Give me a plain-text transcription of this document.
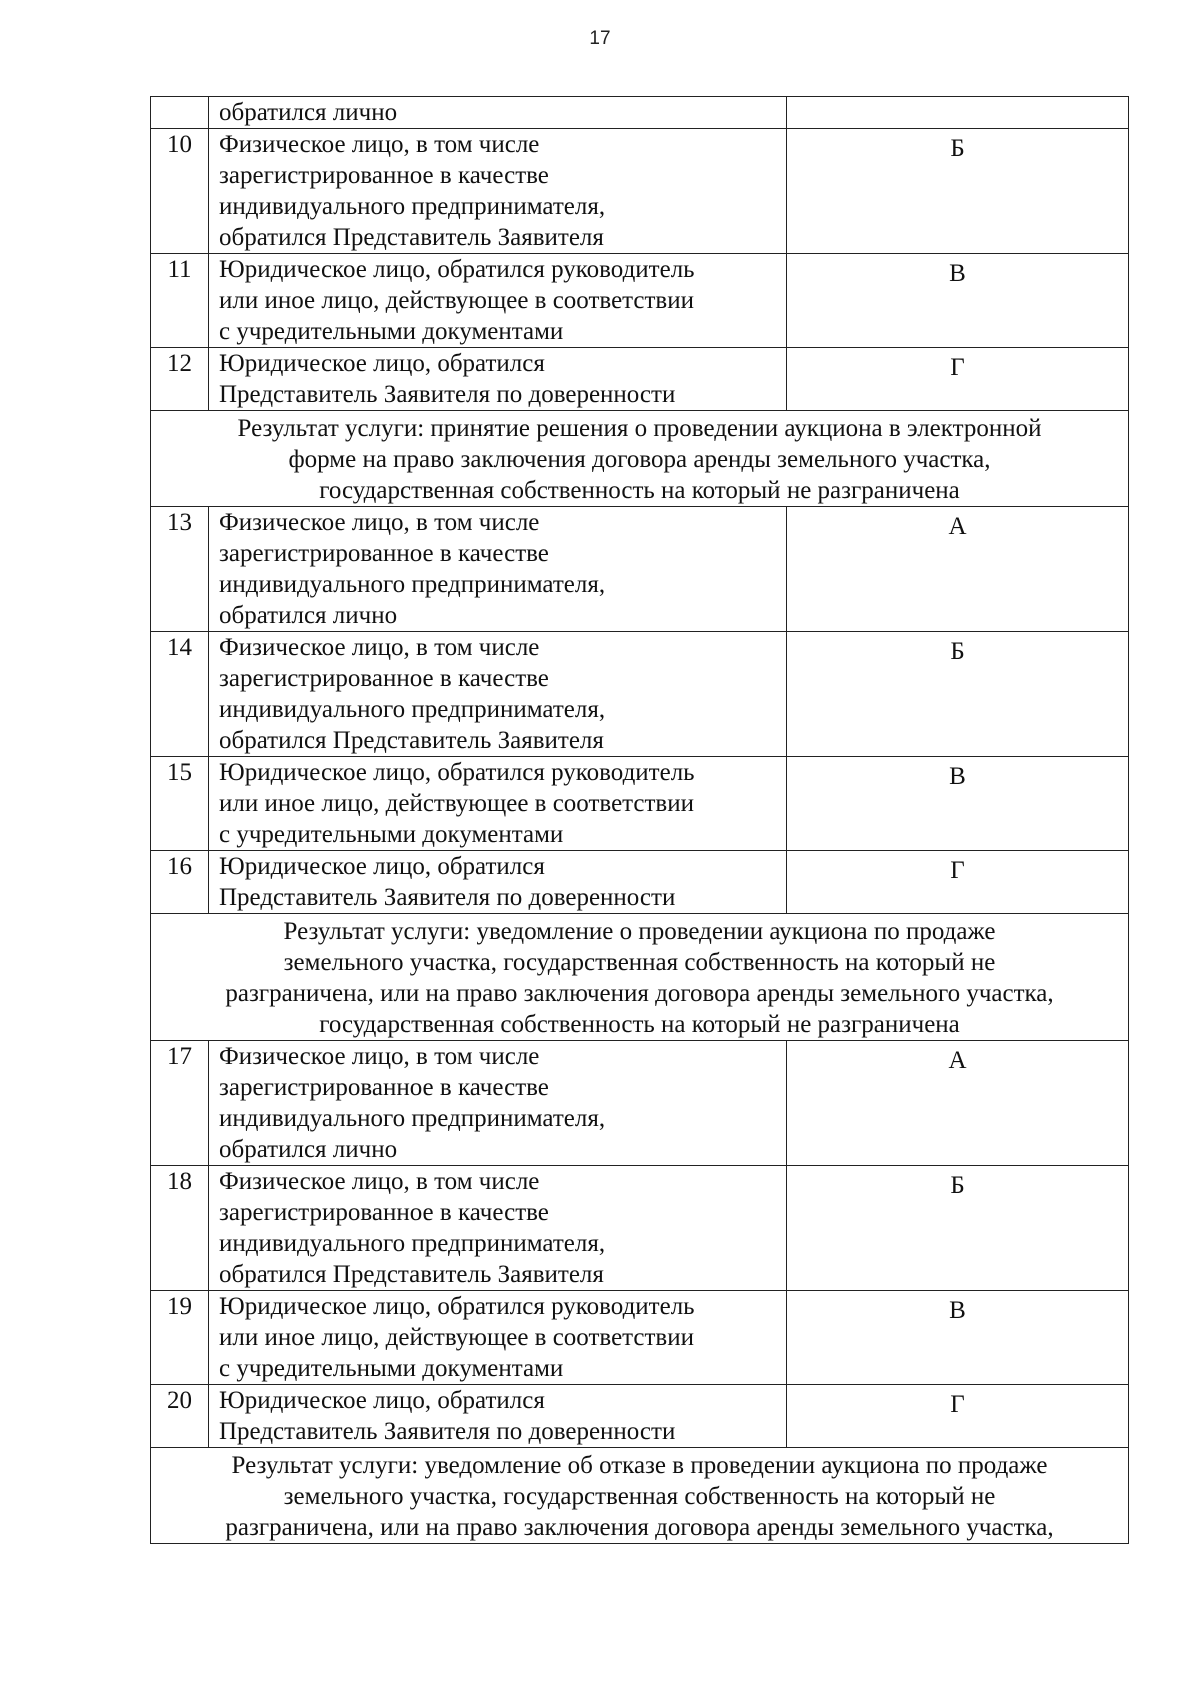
17

	обратился лично	

10	Физическое лицо, в том числе
зарегистрированное в качестве
индивидуального предпринимателя,
обратился Представитель Заявителя	Б
11	Юридическое лицо, обратился руководитель
или иное лицо, действующее в соответствии
с учредительными документами	В
12	Юридическое лицо, обратился
Представитель Заявителя по доверенности	Г

Результат услуги: принятие решения о проведении аукциона в электронной
форме на право заключения договора аренды земельного участка,
государственная собственность на который не разграничена		

13	Физическое лицо, в том числе
зарегистрированное в качестве
индивидуального предпринимателя,
обратился лично	А
14	Физическое лицо, в том числе
зарегистрированное в качестве
индивидуального предпринимателя,
обратился Представитель Заявителя	Б
15	Юридическое лицо, обратился руководитель
или иное лицо, действующее в соответствии
с учредительными документами	В
16	Юридическое лицо, обратился
Представитель Заявителя по доверенности	Г

Результат услуги: уведомление о проведении аукциона по продаже
земельного участка, государственная собственность на который не
разграничена, или на право заключения договора аренды земельного участка,
государственная собственность на который не разграничена		

17	Физическое лицо, в том числе
зарегистрированное в качестве
индивидуального предпринимателя,
обратился лично	А
18	Физическое лицо, в том числе
зарегистрированное в качестве
индивидуального предпринимателя,
обратился Представитель Заявителя	Б
19	Юридическое лицо, обратился руководитель
или иное лицо, действующее в соответствии
с учредительными документами	В
20	Юридическое лицо, обратился
Представитель Заявителя по доверенности	Г

Результат услуги: уведомление об отказе в проведении аукциона по продаже
земельного участка, государственная собственность на который не
разграничена, или на право заключения договора аренды земельного участка,		
